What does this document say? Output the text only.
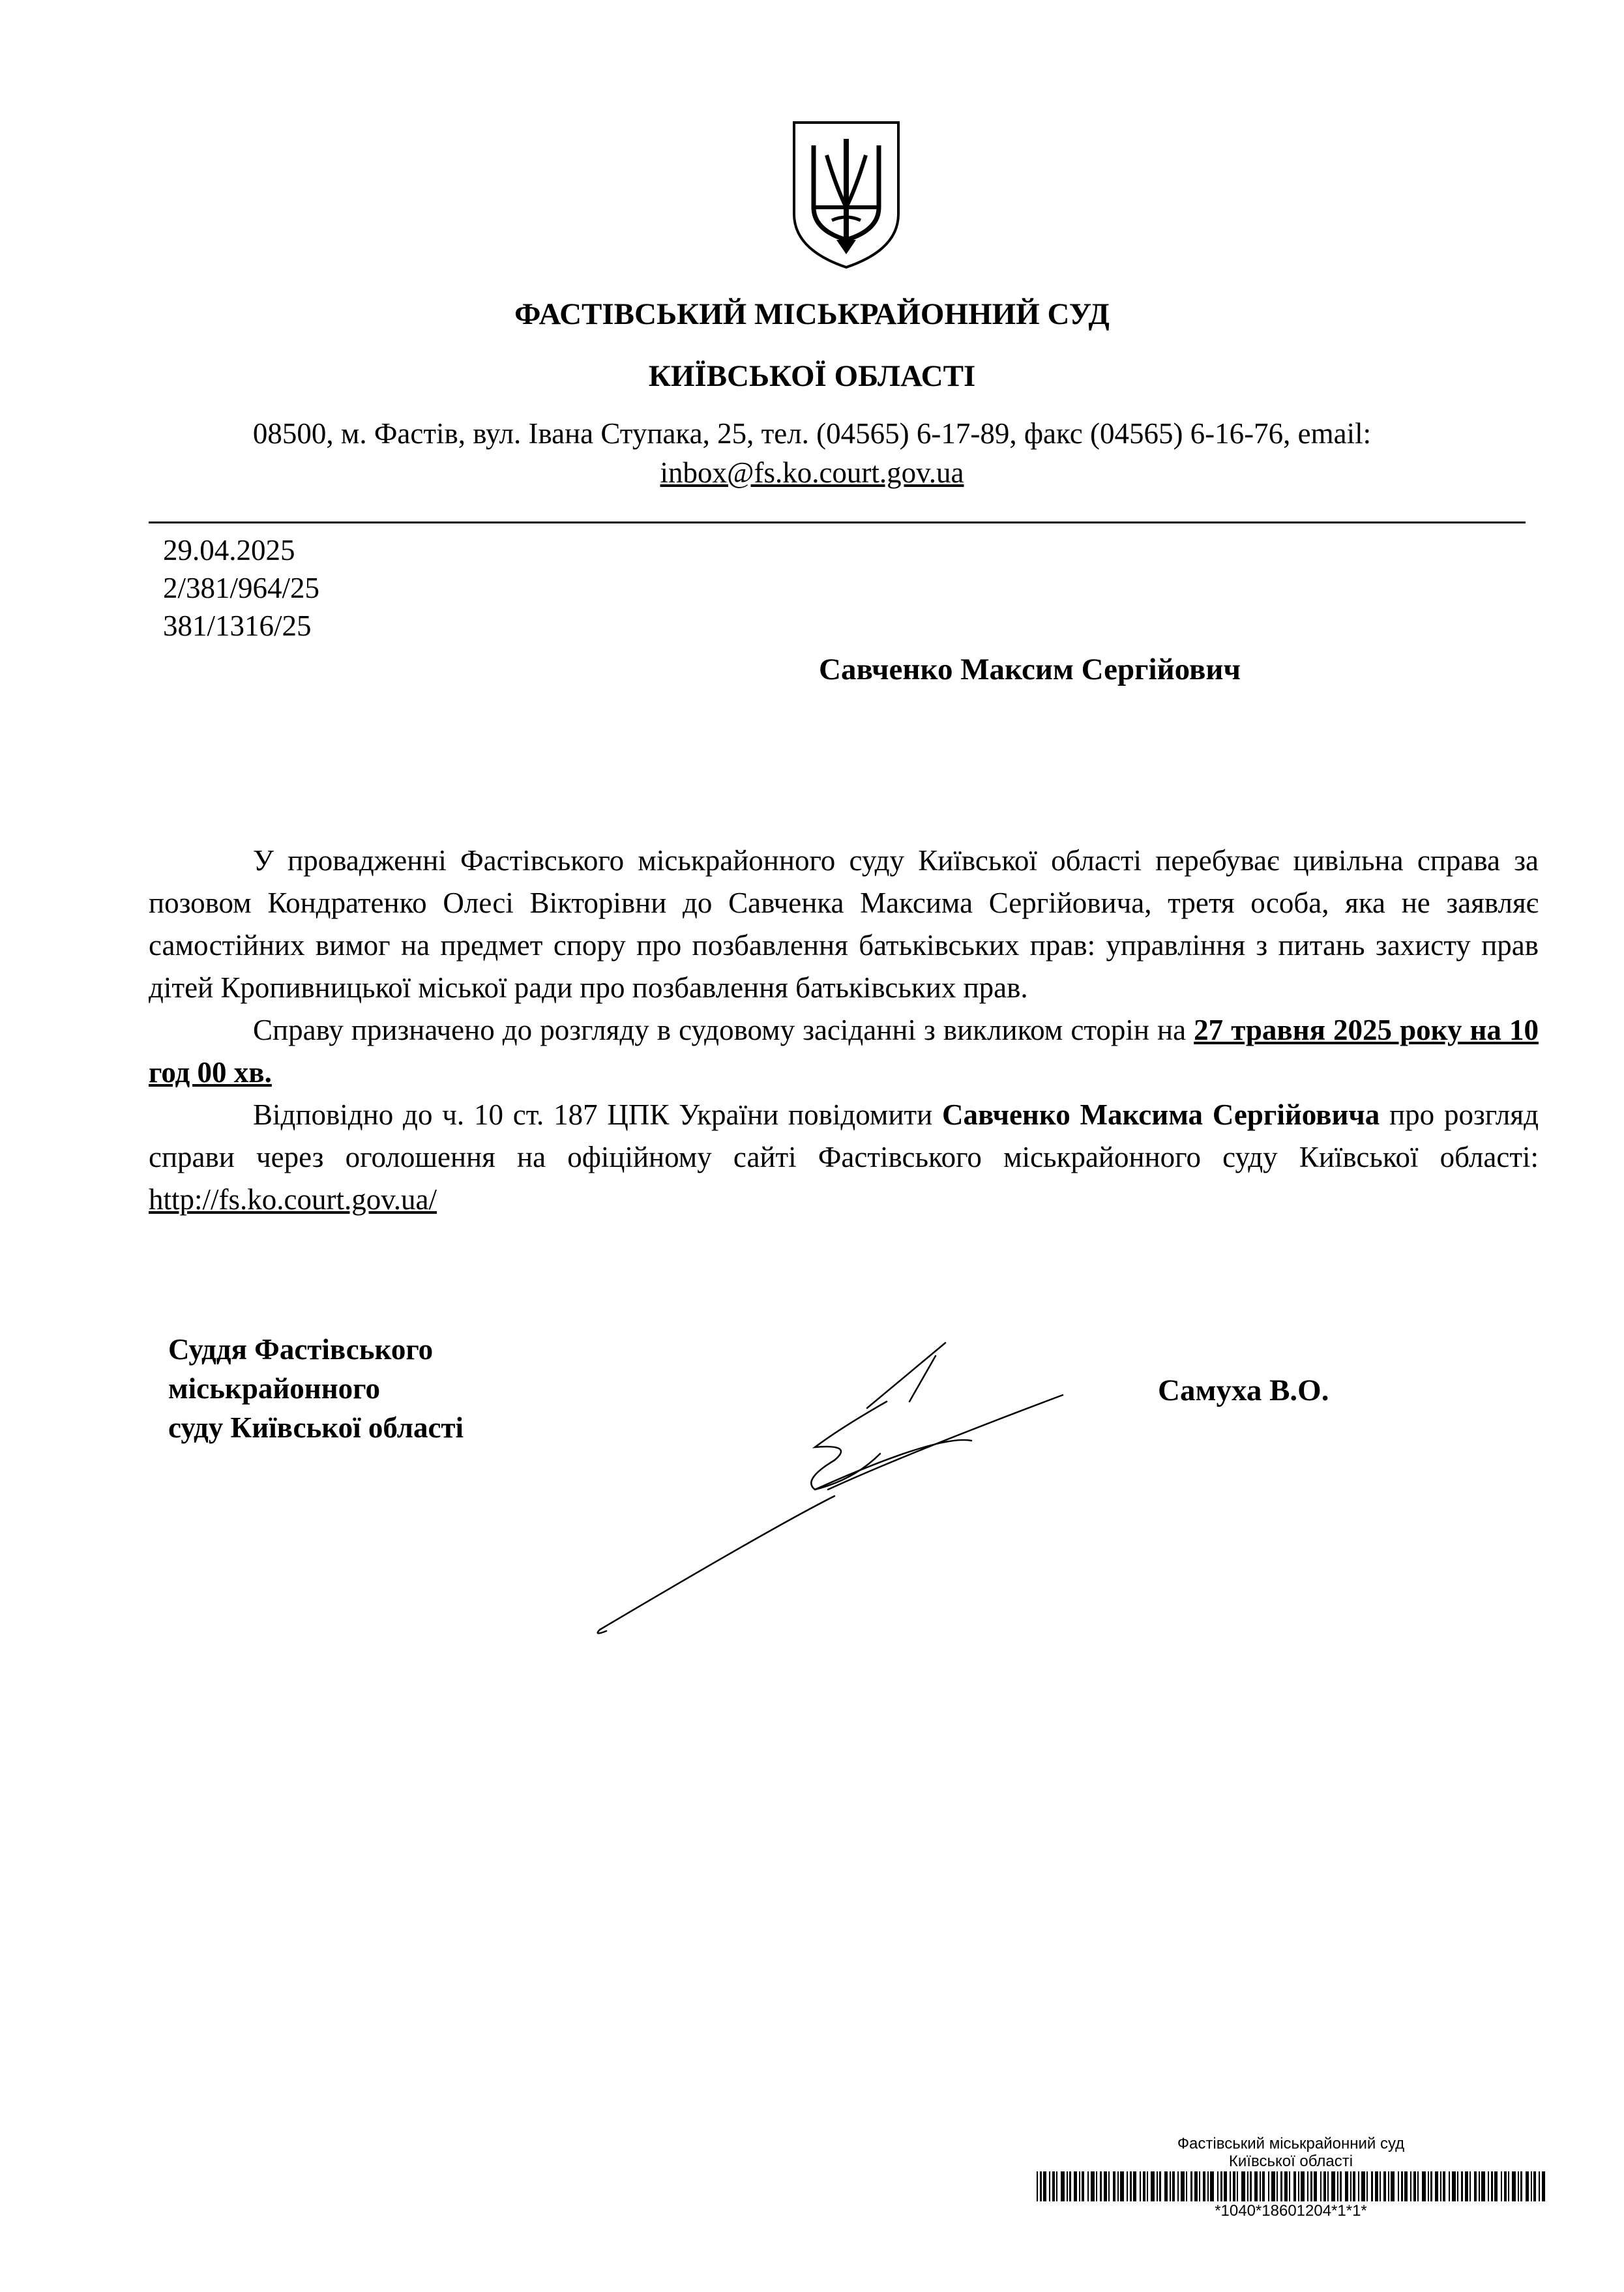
ФАСТІВСЬКИЙ МІСЬКРАЙОННИЙ СУД
КИЇВСЬКОЇ ОБЛАСТІ
08500, м. Фастів, вул. Івана Ступака, 25, тел. (04565) 6-17-89, факс (04565) 6-16-76, email:
inbox@fs.ko.court.gov.ua
29.04.2025
2/381/964/25
381/1316/25
Савченко Максим Сергійович

У провадженні Фастівського міськрайонного суду Київської області перебуває цивільна справа за позовом Кондратенко Олесі Вікторівни до Савченка Максима Сергійовича, третя особа, яка не заявляє самостійних вимог на предмет спору про позбавлення батьківських прав: управління з питань захисту прав дітей Кропивницької міської ради про позбавлення батьківських прав.

Справу призначено до розгляду в судовому засіданні з викликом сторін на 27 травня 2025 року на 10 год 00 хв.

Відповідно до ч. 10 ст. 187 ЦПК України повідомити Савченко Максима Сергійовича про розгляд справи через оголошення на офіційному сайті Фастівського міськрайонного суду Київської області: http://fs.ko.court.gov.ua/

Суддя Фастівського
міськрайонного
суду Київської області
Самуха В.О.
Фастівський міськрайонний суд
Київської області
*1040*18601204*1*1*
